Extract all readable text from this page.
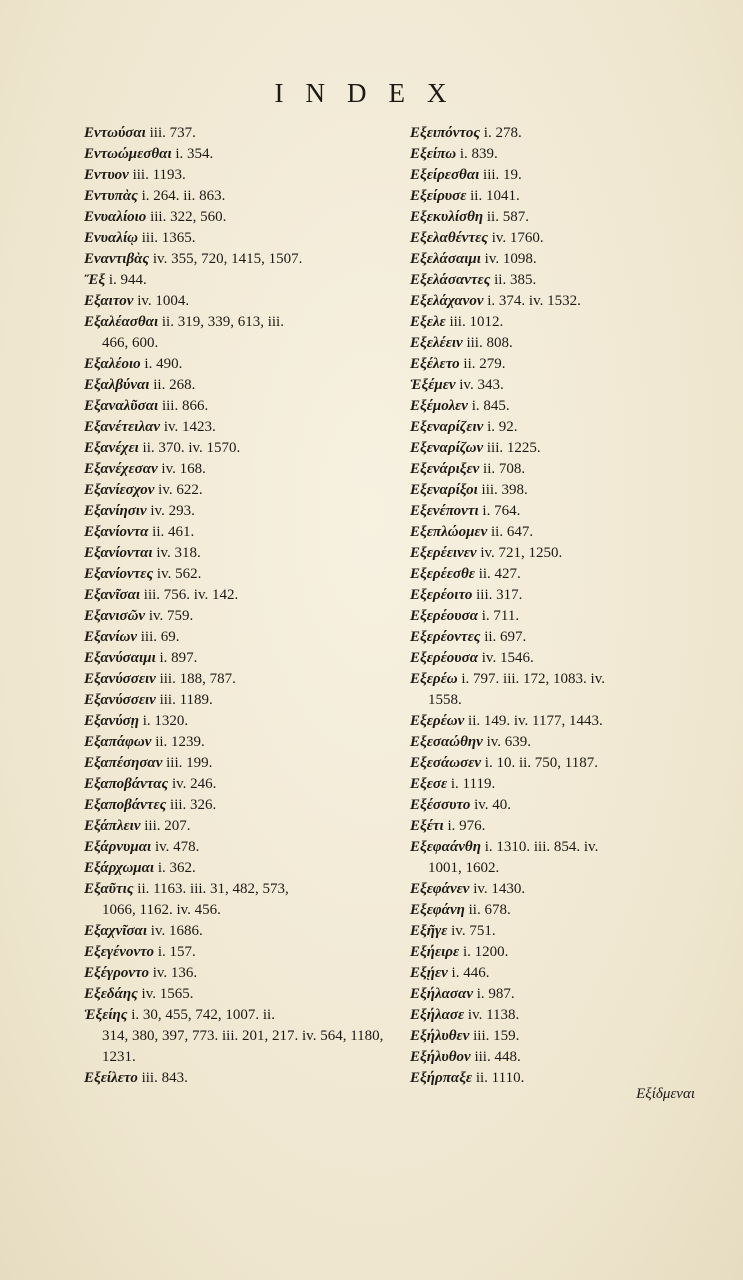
INDEX
Εντωύσαι iii. 737.
Εντωώμεσθαι i. 354.
Εντυον iii. 1193.
Εντυπὰς i. 264. ii. 863.
Ενυαλίοιο iii. 322, 560.
Ενυαλίῳ iii. 1365.
Εναντιβὰς iv. 355, 720, 1415, 1507.
Ἔξ i. 944.
Εξαιτον iv. 1004.
Εξαλέασθαι ii. 319, 339, 613, iii.
466, 600.
Εξαλέοιο i. 490.
Εξαλβύναι ii. 268.
Εξαναλῦσαι iii. 866.
Εξανέτειλαν iv. 1423.
Εξανέχει ii. 370. iv. 1570.
Εξανέχεσαν iv. 168.
Εξανίεσχον iv. 622.
Εξανίησιν iv. 293.
Εξανίοντα ii. 461.
Εξανίονται iv. 318.
Εξανίοντες iv. 562.
Εξανῖσαι iii. 756. iv. 142.
Εξανισῶν iv. 759.
Εξανίων iii. 69.
Εξανύσαιμι i. 897.
Εξανύσσειν iii. 188, 787.
Εξανύσσειν iii. 1189.
Εξανύσῃ i. 1320.
Εξαπάφων ii. 1239.
Εξαπέσησαν iii. 199.
Εξαποβάντας iv. 246.
Εξαποβάντες iii. 326.
Εξάπλειν iii. 207.
Εξάρνυμαι iv. 478.
Εξάρχωμαι i. 362.
Εξαῦτις ii. 1163. iii. 31, 482, 573,
1066, 1162. iv. 456.
Εξαχνῖσαι iv. 1686.
Εξεγένοντο i. 157.
Εξέγροντο iv. 136.
Εξεδάης iv. 1565.
Ἑξείης i. 30, 455, 742, 1007. ii.
314, 380, 397, 773. iii. 201, 217. iv. 564, 1180, 1231.
Εξείλετο iii. 843.
Εξειπόντος i. 278.
Εξείπω i. 839.
Εξείρεσθαι iii. 19.
Εξείρυσε ii. 1041.
Εξεκυλίσθη ii. 587.
Εξελαθέντες iv. 1760.
Εξελάσαιμι iv. 1098.
Εξελάσαντες ii. 385.
Εξελάχανον i. 374. iv. 1532.
Εξελε iii. 1012.
Εξελέειν iii. 808.
Εξέλετο ii. 279.
Ἑξέμεν iv. 343.
Εξέμολεν i. 845.
Εξεναρίζειν i. 92.
Εξεναρίζων iii. 1225.
Εξενάριξεν ii. 708.
Εξεναρίξοι iii. 398.
Εξενέποντι i. 764.
Εξεπλώομεν ii. 647.
Εξερέεινεν iv. 721, 1250.
Εξερέεσθε ii. 427.
Εξερέοιτο iii. 317.
Εξερέουσα i. 711.
Εξερέοντες ii. 697.
Εξερέουσα iv. 1546.
Εξερέω i. 797. iii. 172, 1083. iv.
1558.
Εξερέων ii. 149. iv. 1177, 1443.
Εξεσαώθην iv. 639.
Εξεσάωσεν i. 10. ii. 750, 1187.
Εξεσε i. 1119.
Εξέσσυτο iv. 40.
Εξέτι i. 976.
Εξεφαάνθη i. 1310. iii. 854. iv.
1001, 1602.
Εξεφάνεν iv. 1430.
Εξεφάνη ii. 678.
Εξῆγε iv. 751.
Εξήειρε i. 1200.
Εξῄεν i. 446.
Εξήλασαν i. 987.
Εξήλασε iv. 1138.
Εξήλυθεν iii. 159.
Εξήλυθον iii. 448.
Εξήρπαξε ii. 1110.
Εξίδμεναι
